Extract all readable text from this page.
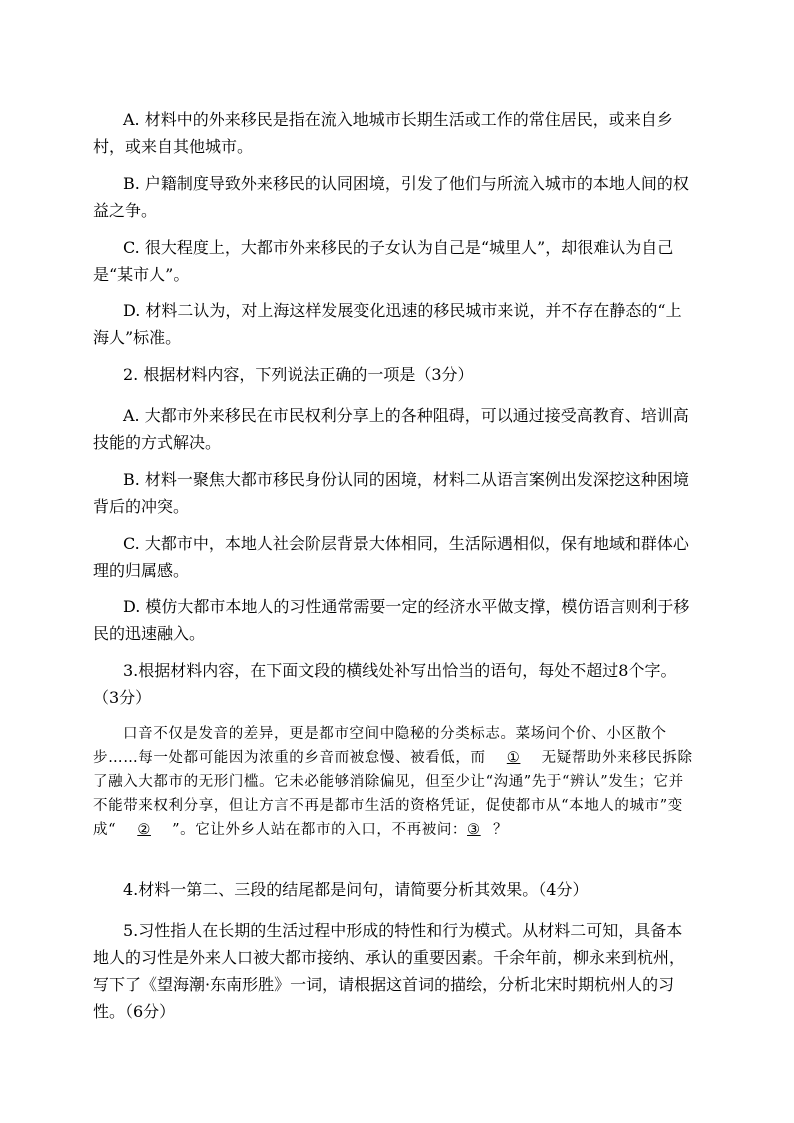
A. 材料中的外来移民是指在流入地城市长期生活或工作的常住居民，或来自乡村，或来自其他城市。

B. 户籍制度导致外来移民的认同困境，引发了他们与所流入城市的本地人间的权益之争。

C. 很大程度上，大都市外来移民的子女认为自己是“城里人”，却很难认为自己是“某市人”。

D. 材料二认为，对上海这样发展变化迅速的移民城市来说，并不存在静态的“上海人”标准。

2. 根据材料内容，下列说法正确的一项是（3分）

A. 大都市外来移民在市民权利分享上的各种阻碍，可以通过接受高教育、培训高技能的方式解决。

B. 材料一聚焦大都市移民身份认同的困境，材料二从语言案例出发深挖这种困境背后的冲突。

C. 大都市中，本地人社会阶层背景大体相同，生活际遇相似，保有地域和群体心理的归属感。

D. 模仿大都市本地人的习性通常需要一定的经济水平做支撑，模仿语言则利于移民的迅速融入。

3.根据材料内容，在下面文段的横线处补写出恰当的语句，每处不超过8个字。（3分）

口音不仅是发音的差异，更是都市空间中隐秘的分类标志。菜场问个价、小区散个步……每一处都可能因为浓重的乡音而被怠慢、被看低，而 ① 无疑帮助外来移民拆除了融入大都市的无形门槛。它未必能够消除偏见，但至少让“沟通”先于“辨认”发生；它并不能带来权利分享，但让方言不再是都市生活的资格凭证，促使都市从“本地人的城市”变成“ ② ”。它让外乡人站在都市的入口，不再被问：③ ？

4.材料一第二、三段的结尾都是问句，请简要分析其效果。（4分）

5.习性指人在长期的生活过程中形成的特性和行为模式。从材料二可知，具备本地人的习性是外来人口被大都市接纳、承认的重要因素。千余年前，柳永来到杭州，写下了《望海潮·东南形胜》一词，请根据这首词的描绘，分析北宋时期杭州人的习性。（6分）
